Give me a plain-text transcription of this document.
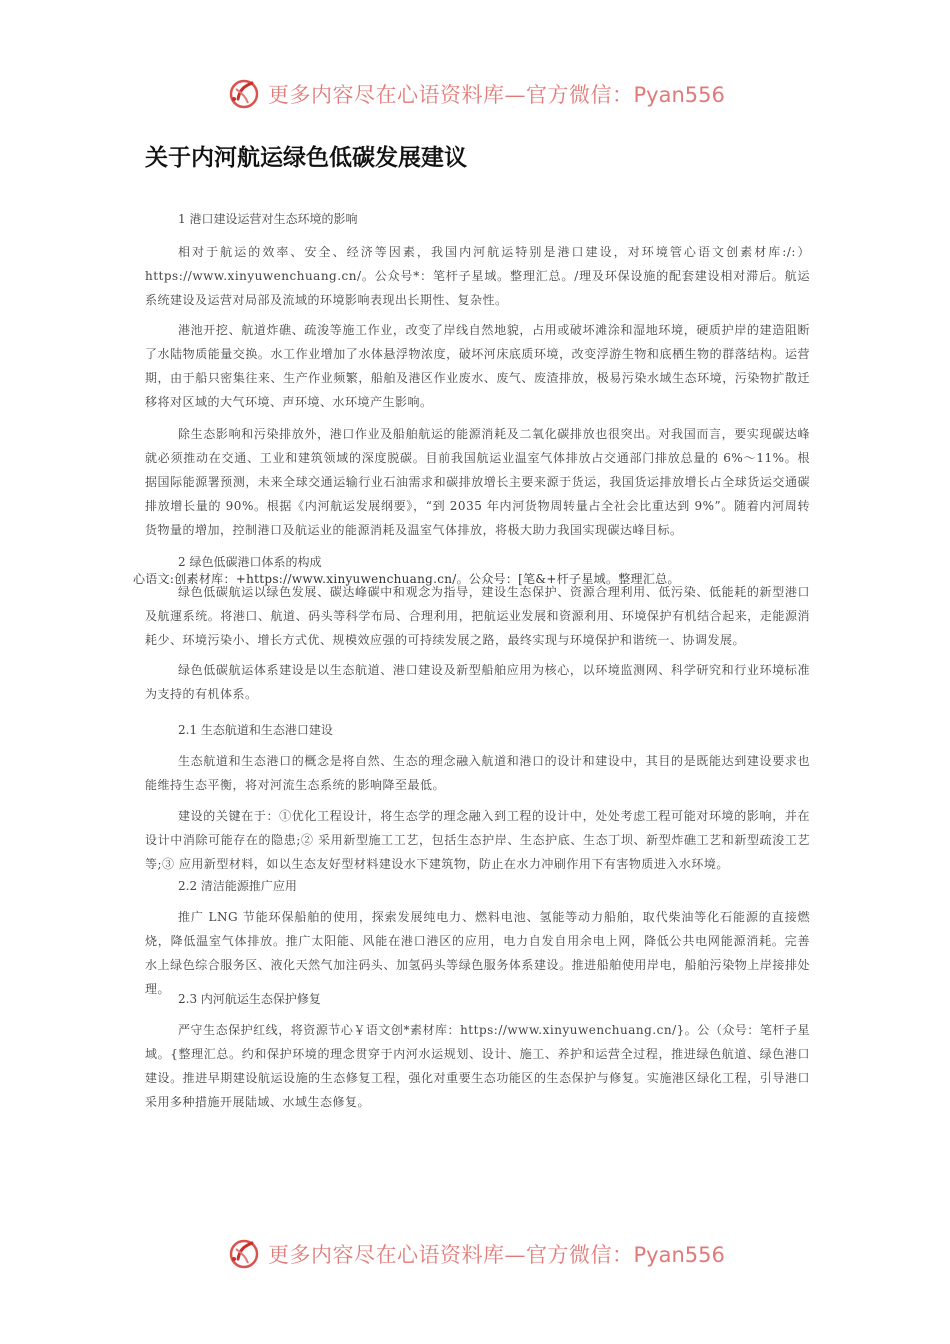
更多内容尽在心语资料库—官方微信：Pyan556
关于内河航运绿色低碳发展建议
1 港口建设运营对生态环境的影响

相对于航运的效率、安全、经济等因素，我国内河航运特别是港口建设，对环境管心语文创素材库:/:）https://www.xinyuwenchuang.cn/。公众号*：笔杆子星域。整理汇总。/理及环保设施的配套建设相对滞后。航运系统建设及运营对局部及流域的环境影响表现出长期性、复杂性。

港池开挖、航道炸礁、疏浚等施工作业，改变了岸线自然地貌，占用或破坏滩涂和湿地环境，硬质护岸的建造阻断了水陆物质能量交换。水工作业增加了水体悬浮物浓度，破坏河床底质环境，改变浮游生物和底栖生物的群落结构。运营期，由于船只密集往来、生产作业频繁，船舶及港区作业废水、废气、废渣排放，极易污染水域生态环境，污染物扩散迁移将对区域的大气环境、声环境、水环境产生影响。

除生态影响和污染排放外，港口作业及船舶航运的能源消耗及二氧化碳排放也很突出。对我国而言，要实现碳达峰就必须推动在交通、工业和建筑领域的深度脱碳。目前我国航运业温室气体排放占交通部门排放总量的 6%～11%。根据国际能源署预测，未来全球交通运输行业石油需求和碳排放增长主要来源于货运，我国货运排放增长占全球货运交通碳排放增长量的 90%。根据《内河航运发展纲要》，“到 2035 年内河货物周转量占全社会比重达到 9%”。随着内河周转货物量的增加，控制港口及航运业的能源消耗及温室气体排放，将极大助力我国实现碳达峰目标。

2 绿色低碳港口体系的构成
心语文:创素材库：+https://www.xinyuwenchuang.cn/。公众号：[笔&+杆子星域。整理汇总。

绿色低碳航运以绿色发展、碳达峰碳中和观念为指导，建设生态保护、资源合理利用、低污染、低能耗的新型港口及航運系统。将港口、航道、码头等科学布局、合理利用，把航运业发展和资源利用、环境保护有机结合起来，走能源消耗少、环境污染小、增长方式优、规模效应强的可持续发展之路，最终实现与环境保护和谐统一、协调发展。

绿色低碳航运体系建设是以生态航道、港口建设及新型船舶应用为核心，以环境监测网、科学研究和行业环境标准为支持的有机体系。

2.1 生态航道和生态港口建设

生态航道和生态港口的概念是将自然、生态的理念融入航道和港口的设计和建设中，其目的是既能达到建设要求也能维持生态平衡，将对河流生态系统的影响降至最低。

建设的关键在于：①优化工程设计，将生态学的理念融入到工程的设计中，处处考虑工程可能对环境的影响，并在设计中消除可能存在的隐患;② 采用新型施工工艺，包括生态护岸、生态护底、生态丁坝、新型炸礁工艺和新型疏浚工艺等;③ 应用新型材料，如以生态友好型材料建设水下建筑物，防止在水力冲刷作用下有害物质进入水环境。

2.2 清洁能源推广应用

推广 LNG 节能环保船舶的使用，探索发展纯电力、燃料电池、氢能等动力船舶，取代柴油等化石能源的直接燃烧，降低温室气体排放。推广太阳能、风能在港口港区的应用，电力自发自用余电上网，降低公共电网能源消耗。完善　　水上绿色综合服务区、液化天然气加注码头、加氢码头等绿色服务体系建设。推进船舶使用岸电，船舶污染物上岸接排处理。

2.3 内河航运生态保护修复

严守生态保护红线，将资源节心￥语文创*素材库：https://www.xinyuwenchuang.cn/}。公（众号：笔杆子星域。{整理汇总。约和保护环境的理念贯穿于内河水运规划、设计、施工、养护和运营全过程，推进绿色航道、绿色港口建设。推进早期建设航运设施的生态修复工程，强化对重要生态功能区的生态保护与修复。实施港区绿化工程，引导港口采用多种措施开展陆域、水域生态修复。

更多内容尽在心语资料库—官方微信：Pyan556
